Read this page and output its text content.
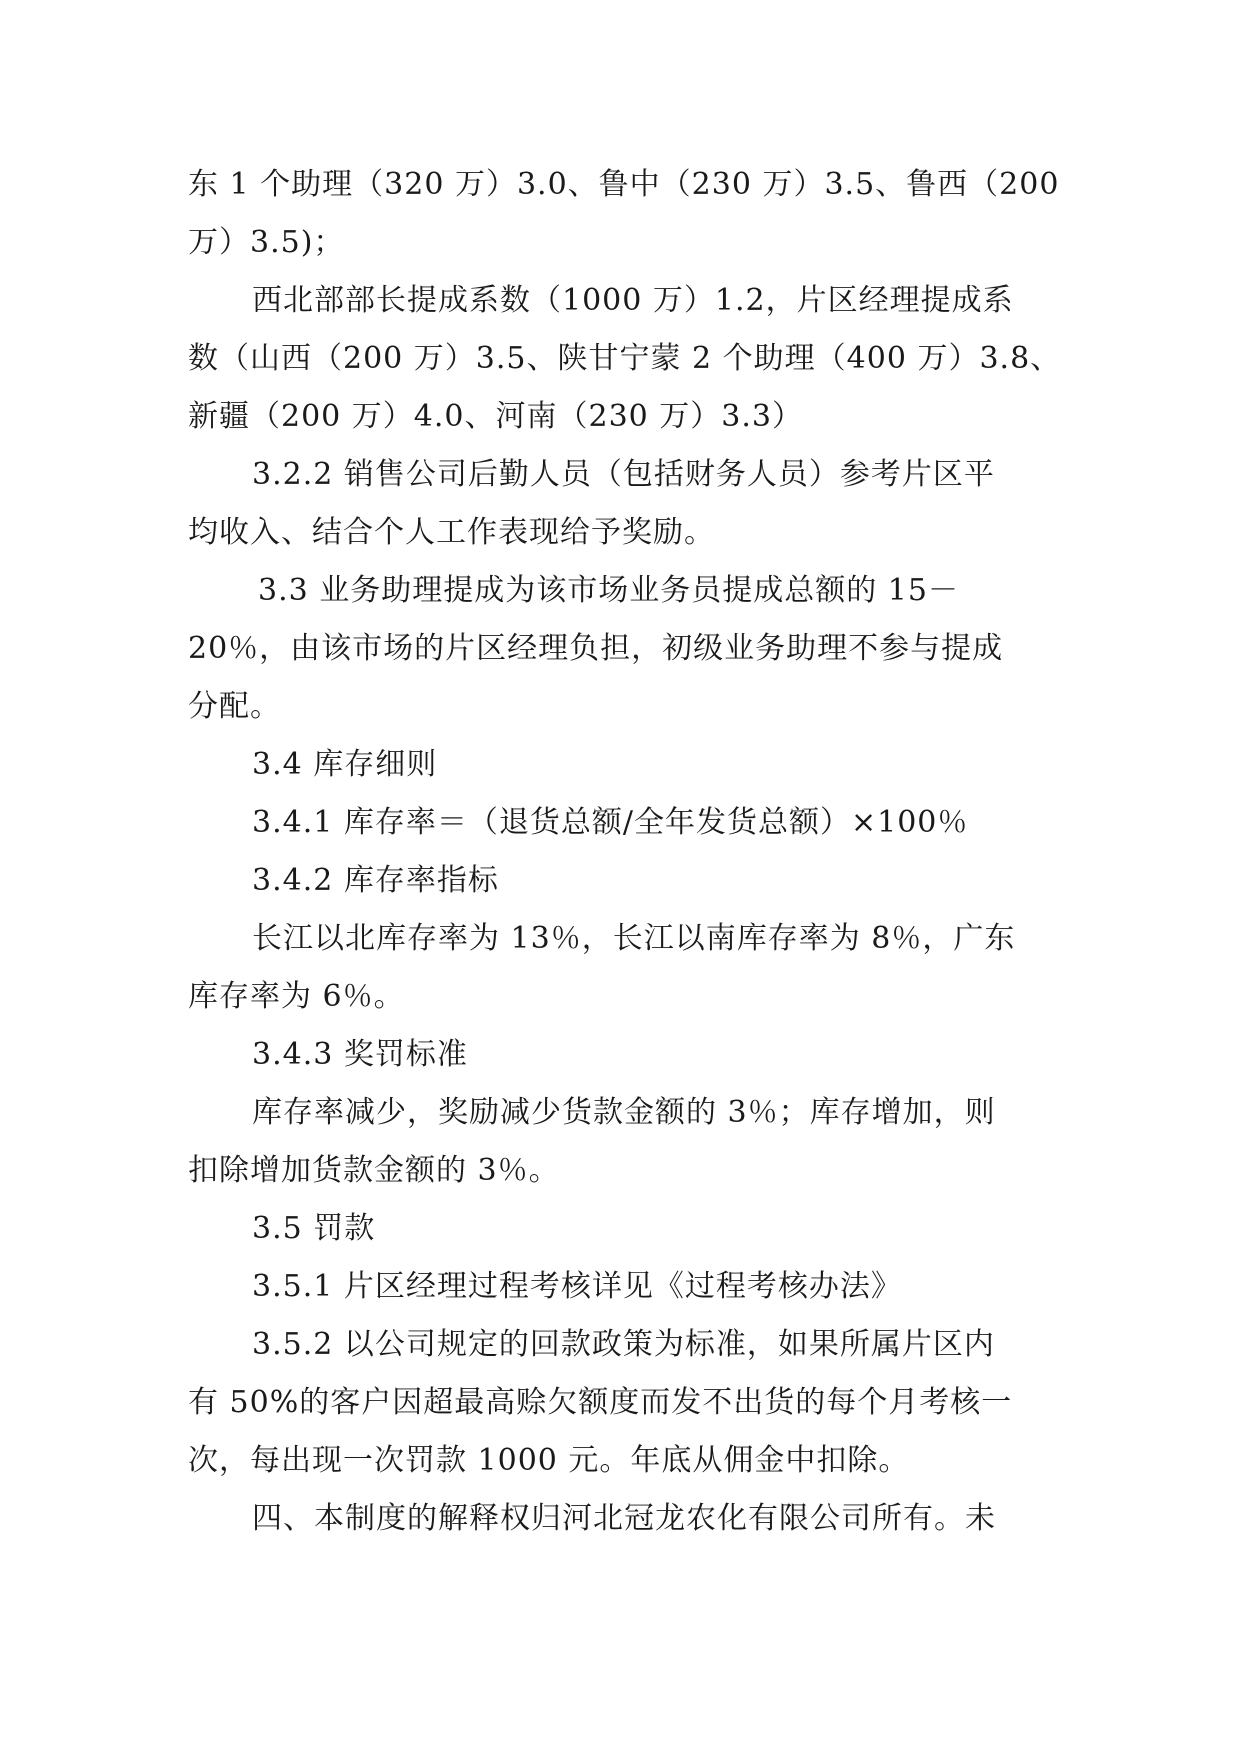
东 1 个助理（320 万）3.0、鲁中（230 万）3.5、鲁西（200
万）3.5)；
西北部部长提成系数（1000 万）1.2，片区经理提成系
数（山西（200 万）3.5、陕甘宁蒙 2 个助理（400 万）3.8、
新疆（200 万）4.0、河南（230 万）3.3）
3.2.2 销售公司后勤人员（包括财务人员）参考片区平
均收入、结合个人工作表现给予奖励。
3.3 业务助理提成为该市场业务员提成总额的 15－
20％，由该市场的片区经理负担，初级业务助理不参与提成
分配。
3.4 库存细则
3.4.1 库存率＝（退货总额/全年发货总额）×100％
3.4.2 库存率指标
长江以北库存率为 13％，长江以南库存率为 8％，广东
库存率为 6％。
3.4.3 奖罚标准
库存率减少，奖励减少货款金额的 3％；库存增加，则
扣除增加货款金额的 3％。
3.5 罚款
3.5.1 片区经理过程考核详见《过程考核办法》
3.5.2 以公司规定的回款政策为标准，如果所属片区内
有 50%的客户因超最高赊欠额度而发不出货的每个月考核一
次，每出现一次罚款 1000 元。年底从佣金中扣除。
四、本制度的解释权归河北冠龙农化有限公司所有。未
